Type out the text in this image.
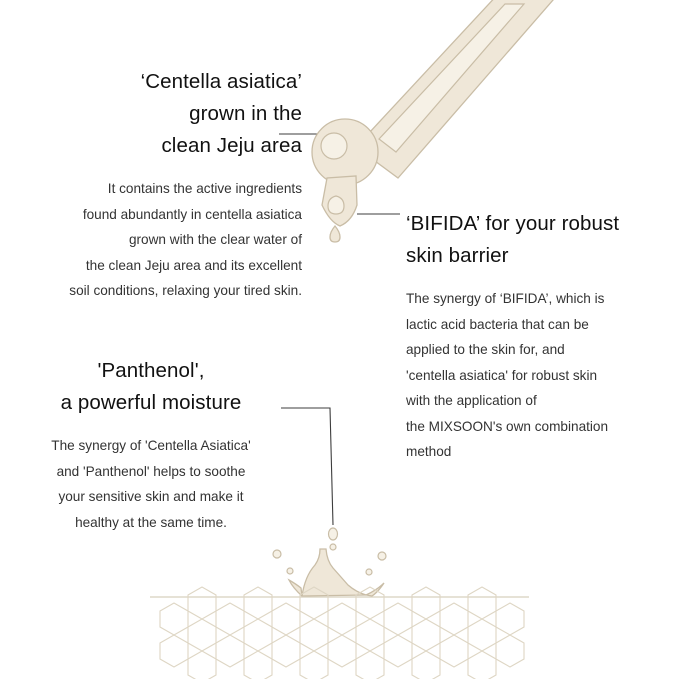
‘Centella asiatica’
grown in the
clean Jeju area
It contains the active ingredients
found abundantly in centella asiatica
grown with the clear water of
the clean Jeju area and its excellent
soil conditions, relaxing your tired skin.
‘BIFIDA’ for your robust
skin barrier
The synergy of ‘BIFIDA’, which is
lactic acid bacteria that can be
applied to the skin for, and
'centella asiatica' for robust skin
with the application of
the MIXSOON's own combination
method
'Panthenol',
a powerful moisture
The synergy of 'Centella Asiatica'
and 'Panthenol' helps to soothe
your sensitive skin and make it
healthy at the same time.
